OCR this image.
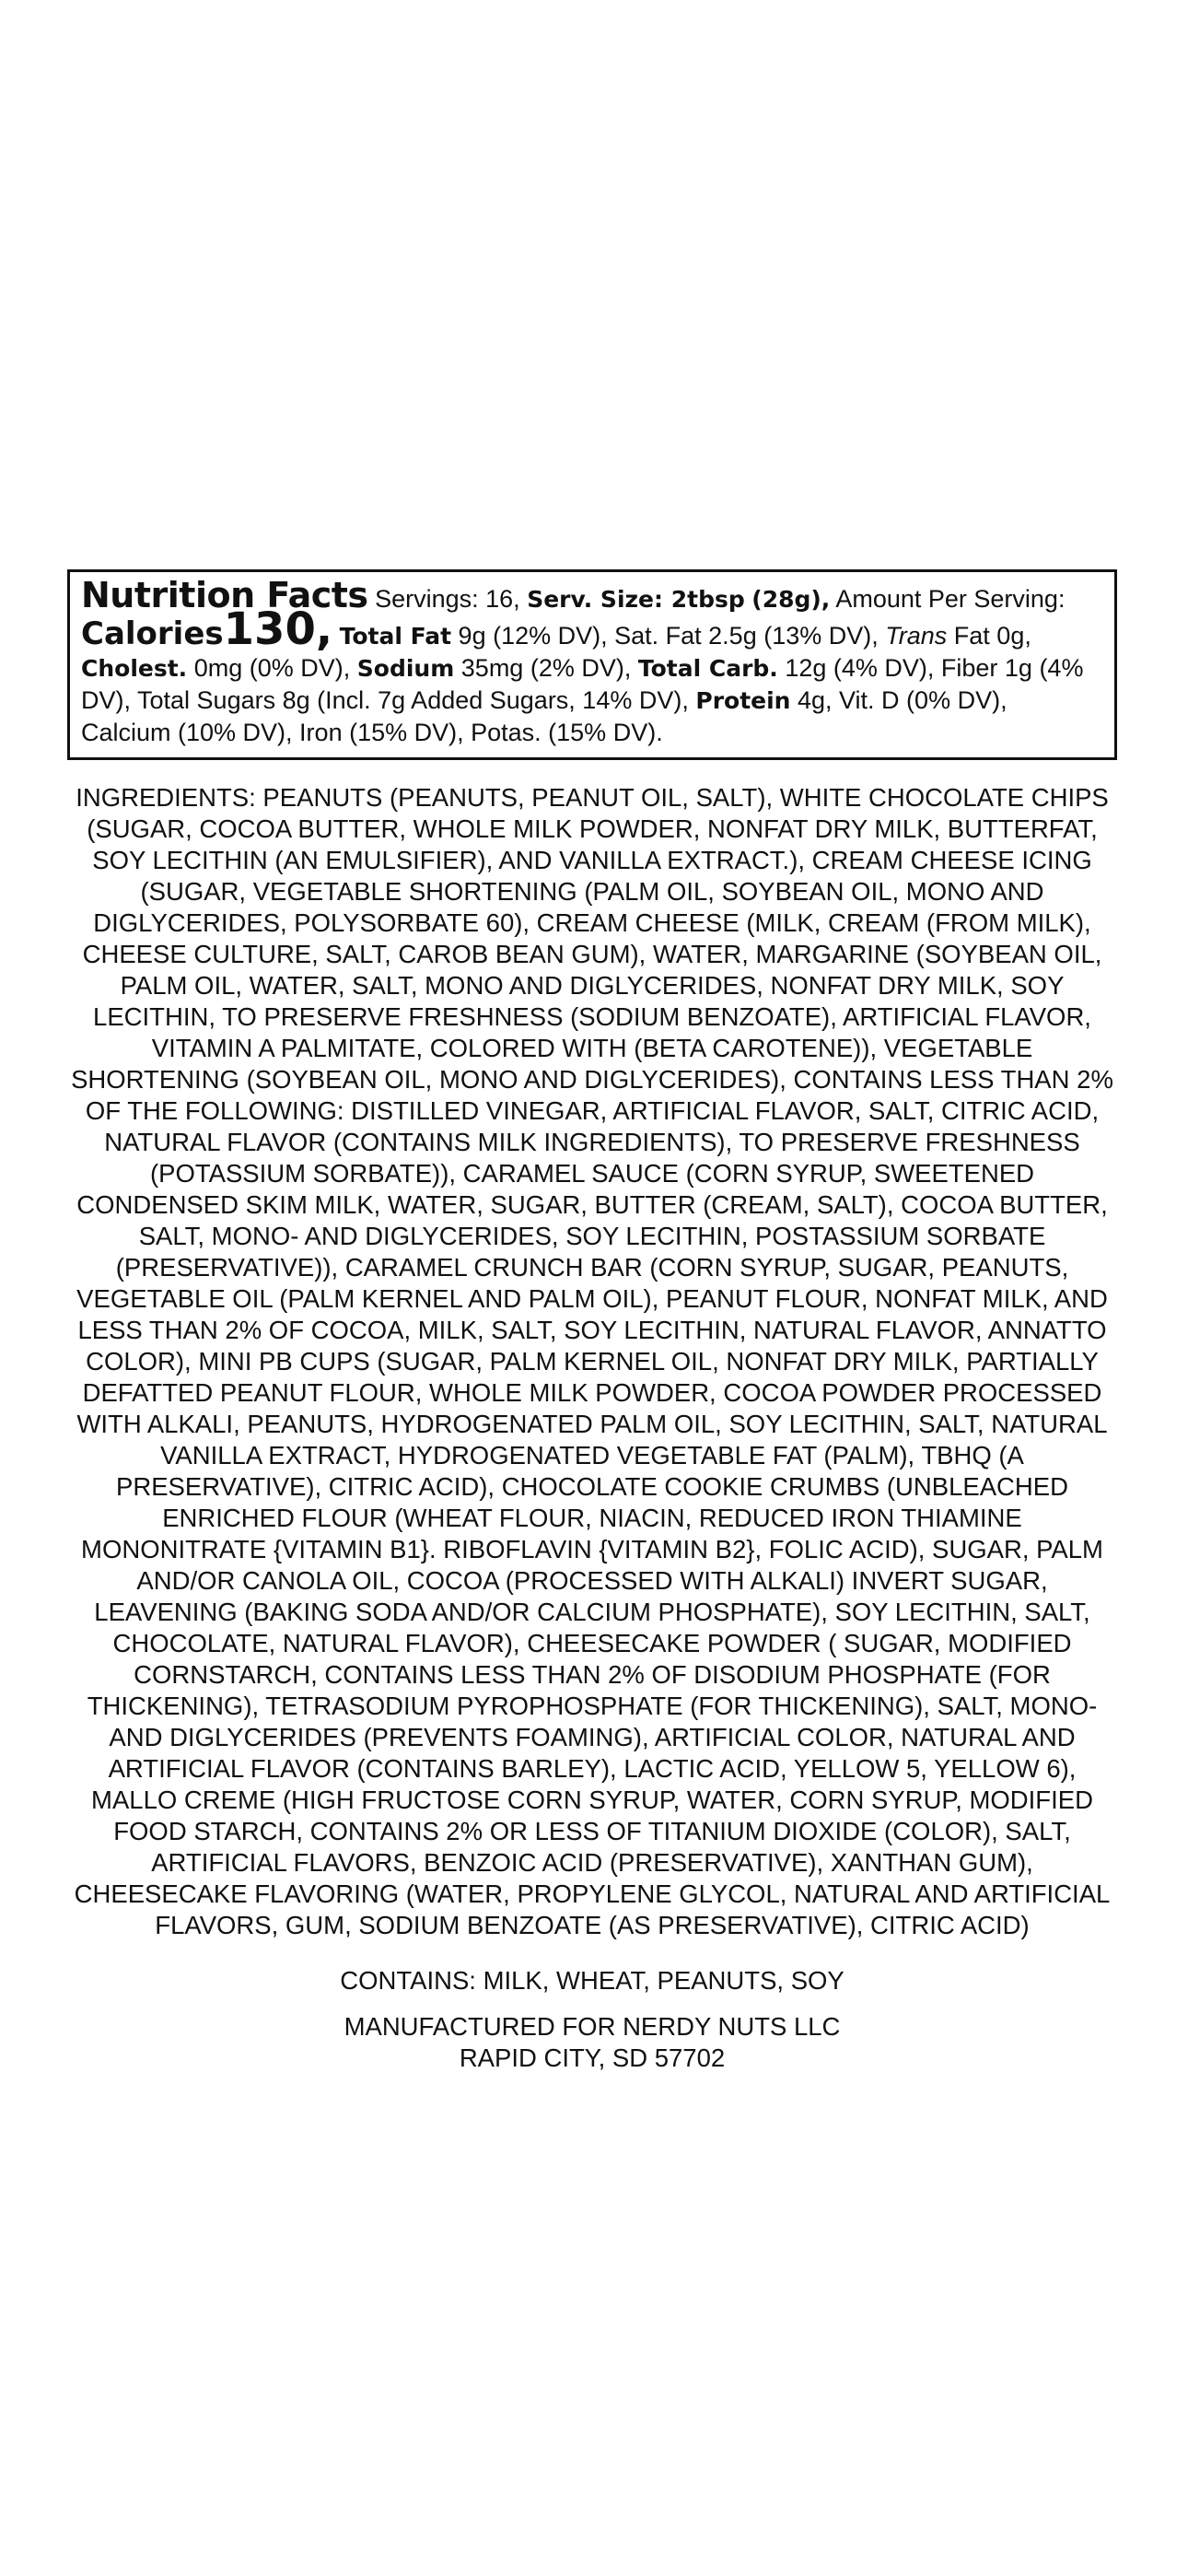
Nutrition Facts Servings: 16, Serv. Size: 2tbsp (28g), Amount Per Serving: Calories130, Total Fat 9g (12% DV), Sat. Fat 2.5g (13% DV), Trans Fat 0g, Cholest. 0mg (0% DV), Sodium 35mg (2% DV), Total Carb. 12g (4% DV), Fiber 1g (4% DV), Total Sugars 8g (Incl. 7g Added Sugars, 14% DV), Protein 4g, Vit. D (0% DV), Calcium (10% DV), Iron (15% DV), Potas. (15% DV).
INGREDIENTS: PEANUTS (PEANUTS, PEANUT OIL, SALT), WHITE CHOCOLATE CHIPS (SUGAR, COCOA BUTTER, WHOLE MILK POWDER, NONFAT DRY MILK, BUTTERFAT, SOY LECITHIN (AN EMULSIFIER), AND VANILLA EXTRACT.), CREAM CHEESE ICING (SUGAR, VEGETABLE SHORTENING (PALM OIL, SOYBEAN OIL, MONO AND DIGLYCERIDES, POLYSORBATE 60), CREAM CHEESE (MILK, CREAM (FROM MILK), CHEESE CULTURE, SALT, CAROB BEAN GUM), WATER, MARGARINE (SOYBEAN OIL, PALM OIL, WATER, SALT, MONO AND DIGLYCERIDES, NONFAT DRY MILK, SOY LECITHIN, TO PRESERVE FRESHNESS (SODIUM BENZOATE), ARTIFICIAL FLAVOR, VITAMIN A PALMITATE, COLORED WITH (BETA CAROTENE)), VEGETABLE SHORTENING (SOYBEAN OIL, MONO AND DIGLYCERIDES), CONTAINS LESS THAN 2% OF THE FOLLOWING: DISTILLED VINEGAR, ARTIFICIAL FLAVOR, SALT, CITRIC ACID, NATURAL FLAVOR (CONTAINS MILK INGREDIENTS), TO PRESERVE FRESHNESS (POTASSIUM SORBATE)), CARAMEL SAUCE (CORN SYRUP, SWEETENED CONDENSED SKIM MILK, WATER, SUGAR, BUTTER (CREAM, SALT), COCOA BUTTER, SALT, MONO- AND DIGLYCERIDES, SOY LECITHIN, POSTASSIUM SORBATE (PRESERVATIVE)), CARAMEL CRUNCH BAR (CORN SYRUP, SUGAR, PEANUTS, VEGETABLE OIL (PALM KERNEL AND PALM OIL), PEANUT FLOUR, NONFAT MILK, AND LESS THAN 2% OF COCOA, MILK, SALT, SOY LECITHIN, NATURAL FLAVOR, ANNATTO COLOR), MINI PB CUPS (SUGAR, PALM KERNEL OIL, NONFAT DRY MILK, PARTIALLY DEFATTED PEANUT FLOUR, WHOLE MILK POWDER, COCOA POWDER PROCESSED WITH ALKALI, PEANUTS, HYDROGENATED PALM OIL, SOY LECITHIN, SALT, NATURAL VANILLA EXTRACT, HYDROGENATED VEGETABLE FAT (PALM), TBHQ (A PRESERVATIVE), CITRIC ACID), CHOCOLATE COOKIE CRUMBS (UNBLEACHED ENRICHED FLOUR (WHEAT FLOUR, NIACIN, REDUCED IRON THIAMINE MONONITRATE {VITAMIN B1}. RIBOFLAVIN {VITAMIN B2}, FOLIC ACID), SUGAR, PALM AND/OR CANOLA OIL, COCOA (PROCESSED WITH ALKALI) INVERT SUGAR, LEAVENING (BAKING SODA AND/OR CALCIUM PHOSPHATE), SOY LECITHIN, SALT, CHOCOLATE, NATURAL FLAVOR), CHEESECAKE POWDER ( SUGAR, MODIFIED CORNSTARCH, CONTAINS LESS THAN 2% OF DISODIUM PHOSPHATE (FOR THICKENING), TETRASODIUM PYROPHOSPHATE (FOR THICKENING), SALT, MONO- AND DIGLYCERIDES (PREVENTS FOAMING), ARTIFICIAL COLOR, NATURAL AND ARTIFICIAL FLAVOR (CONTAINS BARLEY), LACTIC ACID, YELLOW 5, YELLOW 6), MALLO CREME (HIGH FRUCTOSE CORN SYRUP, WATER, CORN SYRUP, MODIFIED FOOD STARCH, CONTAINS 2% OR LESS OF TITANIUM DIOXIDE (COLOR), SALT, ARTIFICIAL FLAVORS, BENZOIC ACID (PRESERVATIVE), XANTHAN GUM), CHEESECAKE FLAVORING (WATER, PROPYLENE GLYCOL, NATURAL AND ARTIFICIAL FLAVORS, GUM, SODIUM BENZOATE (AS PRESERVATIVE), CITRIC ACID)
CONTAINS: MILK, WHEAT, PEANUTS, SOY
MANUFACTURED FOR NERDY NUTS LLC
RAPID CITY, SD 57702
